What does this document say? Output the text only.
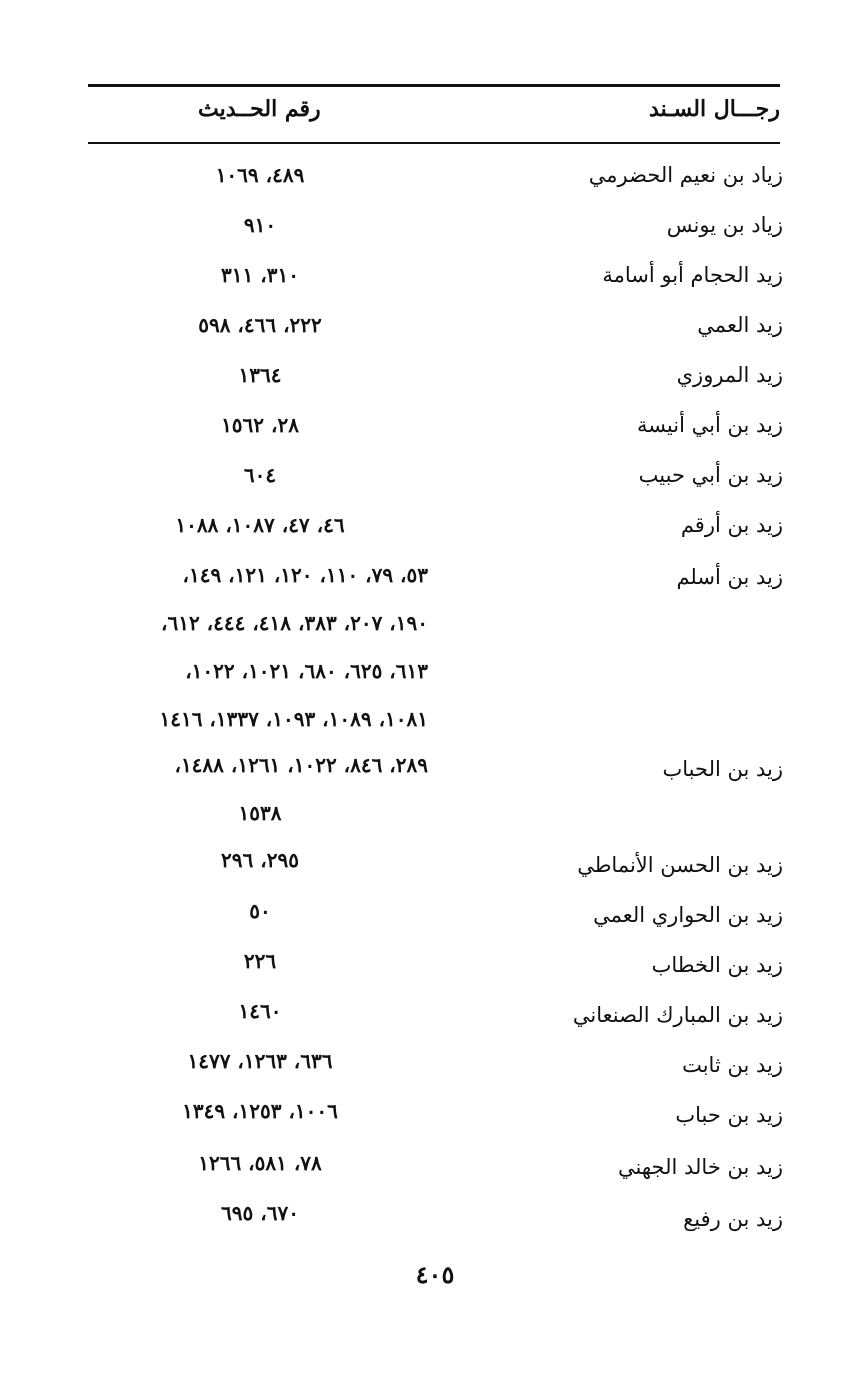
رجـــال السـند
رقم الحــديث
زياد بن نعيم الحضرمي
٤٨٩، ١٠٦٩
زياد بن يونس
٩١٠
زيد الحجام أبو أسامة
٣١٠، ٣١١
زيد العمي
٢٢٢، ٤٦٦، ٥٩٨
زيد المروزي
١٣٦٤
زيد بن أبي أنيسة
٢٨، ١٥٦٢
زيد بن أبي حبيب
٦٠٤
زيد بن أرقم
٤٦، ٤٧، ١٠٨٧، ١٠٨٨
زيد بن أسلم
٥٣، ٧٩، ١١٠، ١٢٠، ١٢١، ١٤٩،
١٩٠، ٢٠٧، ٣٨٣، ٤١٨، ٤٤٤، ٦١٢،
٦١٣، ٦٢٥، ٦٨٠، ١٠٢١، ١٠٢٢،
١٠٨١، ١٠٨٩، ١٠٩٣، ١٣٣٧، ١٤١٦
زيد بن الحباب
٢٨٩، ٨٤٦، ١٠٢٢، ١٢٦١، ١٤٨٨،
١٥٣٨
زيد بن الحسن الأنماطي
٢٩٥، ٢٩٦
زيد بن الحواري العمي
٥٠
زيد بن الخطاب
٢٢٦
زيد بن المبارك الصنعاني
١٤٦٠
زيد بن ثابت
٦٣٦، ١٢٦٣، ١٤٧٧
زيد بن حباب
١٠٠٦، ١٢٥٣، ١٣٤٩
زيد بن خالد الجهني
٧٨، ٥٨١، ١٢٦٦
زيد بن رفيع
٦٧٠، ٦٩٥
٤٠٥
